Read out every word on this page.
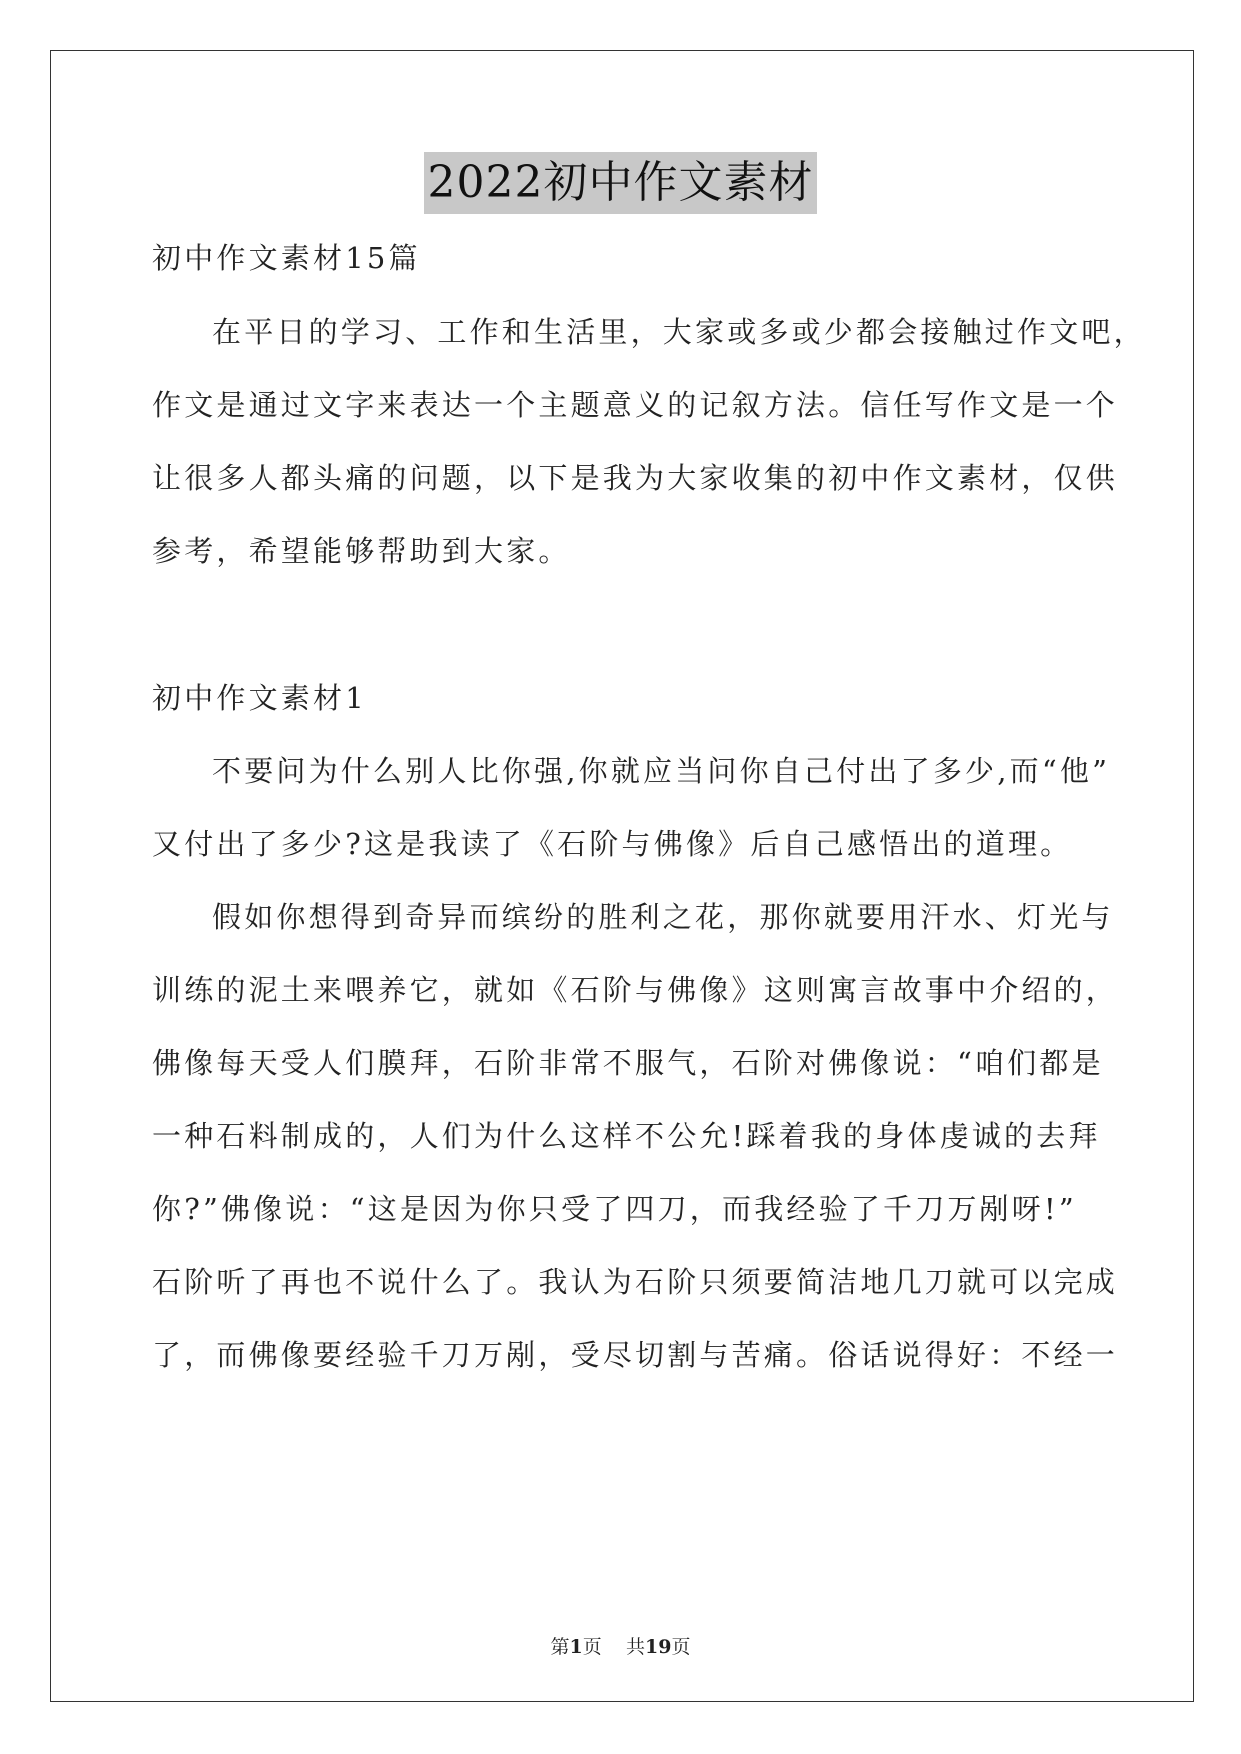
2022初中作文素材
初中作文素材15篇
在平日的学习、工作和生活里，大家或多或少都会接触过作文吧，
作文是通过文字来表达一个主题意义的记叙方法。信任写作文是一个
让很多人都头痛的问题，以下是我为大家收集的初中作文素材，仅供
参考，希望能够帮助到大家。
初中作文素材1
不要问为什么别人比你强,你就应当问你自己付出了多少,而“他”
又付出了多少?这是我读了《石阶与佛像》后自己感悟出的道理。
假如你想得到奇异而缤纷的胜利之花，那你就要用汗水、灯光与
训练的泥土来喂养它，就如《石阶与佛像》这则寓言故事中介绍的，
佛像每天受人们膜拜，石阶非常不服气，石阶对佛像说：“咱们都是
一种石料制成的，人们为什么这样不公允!踩着我的身体虔诚的去拜
你?”佛像说：“这是因为你只受了四刀，而我经验了千刀万剐呀!”
石阶听了再也不说什么了。我认为石阶只须要简洁地几刀就可以完成
了，而佛像要经验千刀万剐，受尽切割与苦痛。俗话说得好：不经一
第1页 共19页
